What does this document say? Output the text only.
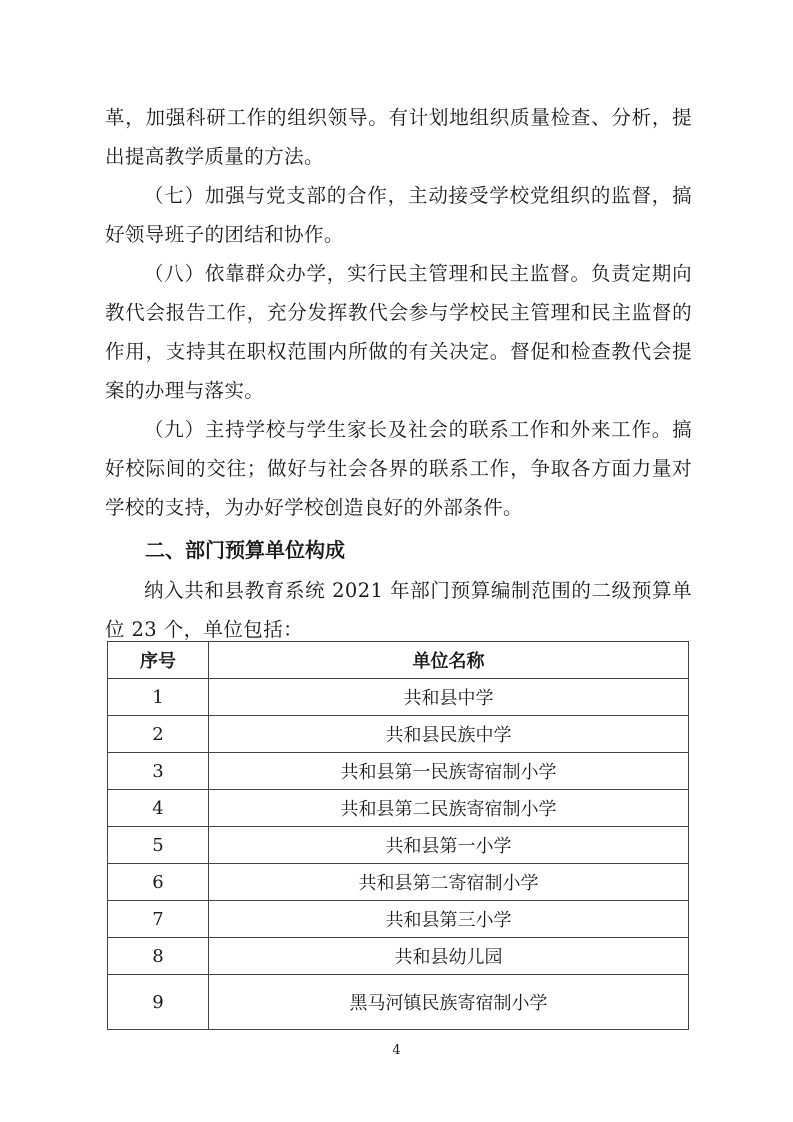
革，加强科研工作的组织领导。有计划地组织质量检查、分析，提出提高教学质量的方法。

（七）加强与党支部的合作，主动接受学校党组织的监督，搞好领导班子的团结和协作。

（八）依靠群众办学，实行民主管理和民主监督。负责定期向教代会报告工作，充分发挥教代会参与学校民主管理和民主监督的作用，支持其在职权范围内所做的有关决定。督促和检查教代会提案的办理与落实。

（九）主持学校与学生家长及社会的联系工作和外来工作。搞好校际间的交往；做好与社会各界的联系工作，争取各方面力量对学校的支持，为办好学校创造良好的外部条件。

二、部门预算单位构成

纳入共和县教育系统 2021 年部门预算编制范围的二级预算单位 23 个，单位包括：

序号	单位名称
1	共和县中学
2	共和县民族中学
3	共和县第一民族寄宿制小学
4	共和县第二民族寄宿制小学
5	共和县第一小学
6	共和县第二寄宿制小学
7	共和县第三小学
8	共和县幼儿园
9	黑马河镇民族寄宿制小学
4
